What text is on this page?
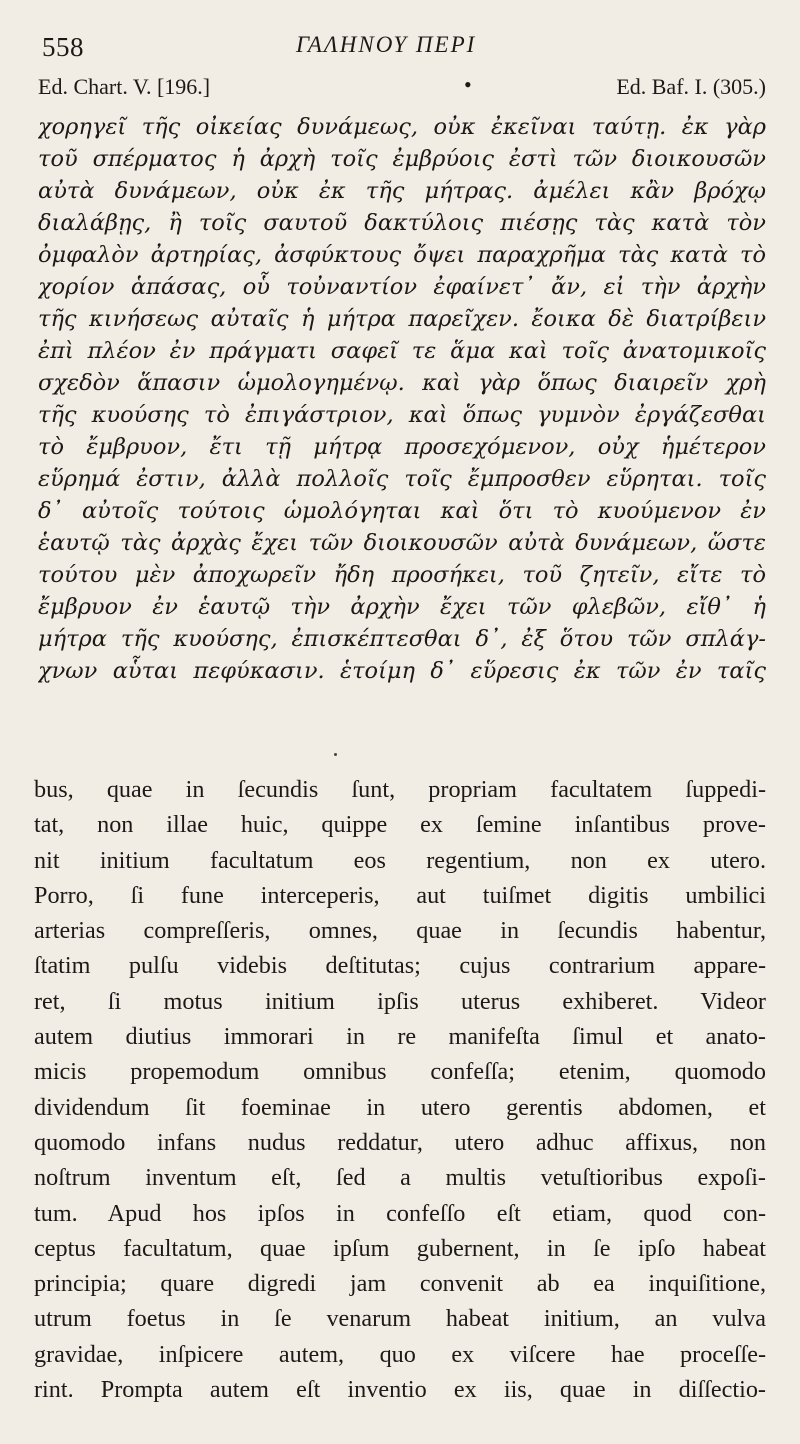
558	ΓΑΛΗΝΟΥ ΠΕΡΙ
Ed. Chart. V. [196.]	•	Ed. Baf. I. (305.)
χορηγεῖ τῆς οἰκείας δυνάμεως, οὐκ ἐκεῖναι ταύτῃ. ἐκ γὰρ
τοῦ σπέρματος ἡ ἀρχὴ τοῖς ἐμβρύοις ἐστὶ τῶν διοικουσῶν
αὐτὰ δυνάμεων, οὐκ ἐκ τῆς μήτρας. ἀμέλει κἂν βρόχῳ
διαλάβῃς, ἢ τοῖς σαυτοῦ δακτύλοις πιέσῃς τὰς κατὰ τὸν
ὀμφαλὸν ἀρτηρίας, ἀσφύκτους ὄψει παραχρῆμα τὰς κατὰ τὸ
χορίον ἁπάσας, οὗ τοὐναντίον ἐφαίνετ᾽ ἄν, εἰ τὴν ἀρχὴν
τῆς κινήσεως αὐταῖς ἡ μήτρα παρεῖχεν. ἔοικα δὲ διατρίβειν
ἐπὶ πλέον ἐν πράγματι σαφεῖ τε ἅμα καὶ τοῖς ἀνατομικοῖς
σχεδὸν ἅπασιν ὡμολογημένῳ. καὶ γὰρ ὅπως διαιρεῖν χρὴ
τῆς κυούσης τὸ ἐπιγάστριον, καὶ ὅπως γυμνὸν ἐργάζεσθαι
τὸ ἔμβρυον, ἔτι τῇ μήτρᾳ προσεχόμενον, οὐχ ἡμέτερον
εὕρημά ἐστιν, ἀλλὰ πολλοῖς τοῖς ἔμπροσθεν εὕρηται. τοῖς
δ᾽ αὐτοῖς τούτοις ὡμολόγηται καὶ ὅτι τὸ κυούμενον ἐν
ἑαυτῷ τὰς ἀρχὰς ἔχει τῶν διοικουσῶν αὐτὰ δυνάμεων, ὥστε
τούτου μὲν ἀποχωρεῖν ἤδη προσήκει, τοῦ ζητεῖν, εἴτε τὸ
ἔμβρυον ἐν ἑαυτῷ τὴν ἀρχὴν ἔχει τῶν φλεβῶν, εἴθ᾽ ἡ
μήτρα τῆς κυούσης, ἐπισκέπτεσθαι δ᾽, ἐξ ὅτου τῶν σπλάγ-
χνων αὗται πεφύκασιν. ἑτοίμη δ᾽ εὕρεσις ἐκ τῶν ἐν ταῖς
bus, quae in ſecundis ſunt, propriam facultatem ſuppedi-
tat, non illae huic, quippe ex ſemine inſantibus prove-
nit initium facultatum eos regentium, non ex utero.
Porro, ſi fune interceperis, aut tuiſmet digitis umbilici
arterias compreſſeris, omnes, quae in ſecundis habentur,
ſtatim pulſu videbis deſtitutas; cujus contrarium appare-
ret, ſi motus initium ipſis uterus exhiberet. Videor
autem diutius immorari in re manifeſta ſimul et anato-
micis propemodum omnibus confeſſa; etenim, quomodo
dividendum ſit foeminae in utero gerentis abdomen, et
quomodo infans nudus reddatur, utero adhuc affixus, non
noſtrum inventum eſt, ſed a multis vetuſtioribus expoſi-
tum. Apud hos ipſos in confeſſo eſt etiam, quod con-
ceptus facultatum, quae ipſum gubernent, in ſe ipſo habeat
principia; quare digredi jam convenit ab ea inquiſitione,
utrum foetus in ſe venarum habeat initium, an vulva
gravidae, inſpicere autem, quo ex viſcere hae proceſſe-
rint. Prompta autem eſt inventio ex iis, quae in diſſectio-
